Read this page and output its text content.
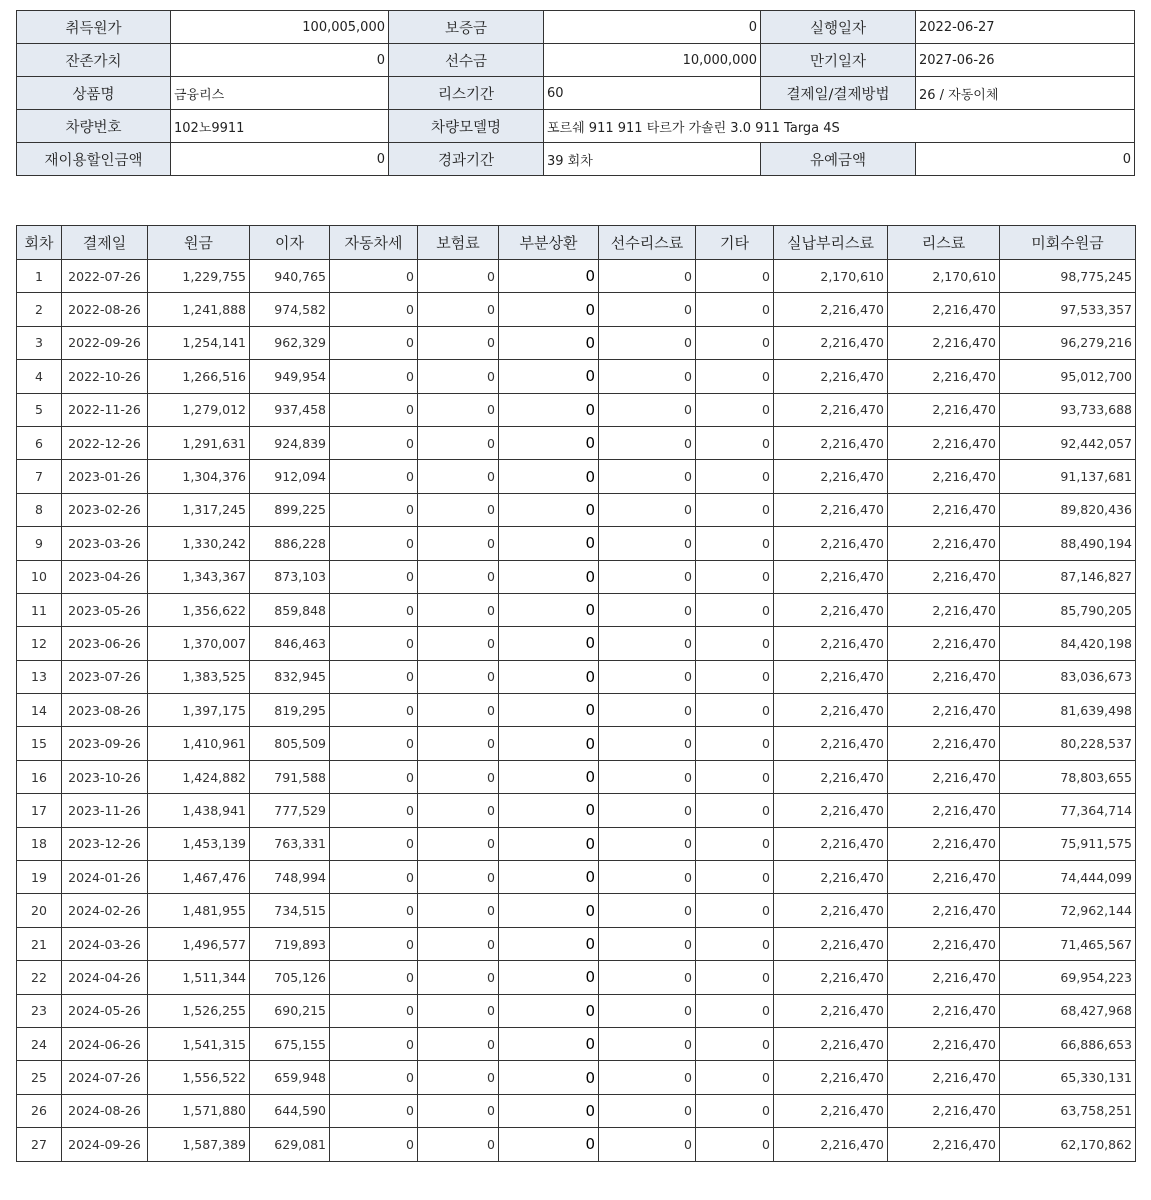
취득원가	100,005,000	보증금	0	실행일자	2022-06-27
잔존가치	0	선수금	10,000,000	만기일자	2027-06-26
상품명	금융리스	리스기간	60	결제일/결제방법	26 / 자동이체
차량번호	102노9911	차량모델명	포르쉐 911 911 타르가 가솔린 3.0 911 Targa 4S		
재이용할인금액	0	경과기간	39 회차	유예금액	0
회차	결제일	원금	이자	자동차세	보험료	부분상환	선수리스료	기타	실납부리스료	리스료	미회수원금
1	2022-07-26	1,229,755	940,765	0	0	0	0	0	2,170,610	2,170,610	98,775,245
2	2022-08-26	1,241,888	974,582	0	0	0	0	0	2,216,470	2,216,470	97,533,357
3	2022-09-26	1,254,141	962,329	0	0	0	0	0	2,216,470	2,216,470	96,279,216
4	2022-10-26	1,266,516	949,954	0	0	0	0	0	2,216,470	2,216,470	95,012,700
5	2022-11-26	1,279,012	937,458	0	0	0	0	0	2,216,470	2,216,470	93,733,688
6	2022-12-26	1,291,631	924,839	0	0	0	0	0	2,216,470	2,216,470	92,442,057
7	2023-01-26	1,304,376	912,094	0	0	0	0	0	2,216,470	2,216,470	91,137,681
8	2023-02-26	1,317,245	899,225	0	0	0	0	0	2,216,470	2,216,470	89,820,436
9	2023-03-26	1,330,242	886,228	0	0	0	0	0	2,216,470	2,216,470	88,490,194
10	2023-04-26	1,343,367	873,103	0	0	0	0	0	2,216,470	2,216,470	87,146,827
11	2023-05-26	1,356,622	859,848	0	0	0	0	0	2,216,470	2,216,470	85,790,205
12	2023-06-26	1,370,007	846,463	0	0	0	0	0	2,216,470	2,216,470	84,420,198
13	2023-07-26	1,383,525	832,945	0	0	0	0	0	2,216,470	2,216,470	83,036,673
14	2023-08-26	1,397,175	819,295	0	0	0	0	0	2,216,470	2,216,470	81,639,498
15	2023-09-26	1,410,961	805,509	0	0	0	0	0	2,216,470	2,216,470	80,228,537
16	2023-10-26	1,424,882	791,588	0	0	0	0	0	2,216,470	2,216,470	78,803,655
17	2023-11-26	1,438,941	777,529	0	0	0	0	0	2,216,470	2,216,470	77,364,714
18	2023-12-26	1,453,139	763,331	0	0	0	0	0	2,216,470	2,216,470	75,911,575
19	2024-01-26	1,467,476	748,994	0	0	0	0	0	2,216,470	2,216,470	74,444,099
20	2024-02-26	1,481,955	734,515	0	0	0	0	0	2,216,470	2,216,470	72,962,144
21	2024-03-26	1,496,577	719,893	0	0	0	0	0	2,216,470	2,216,470	71,465,567
22	2024-04-26	1,511,344	705,126	0	0	0	0	0	2,216,470	2,216,470	69,954,223
23	2024-05-26	1,526,255	690,215	0	0	0	0	0	2,216,470	2,216,470	68,427,968
24	2024-06-26	1,541,315	675,155	0	0	0	0	0	2,216,470	2,216,470	66,886,653
25	2024-07-26	1,556,522	659,948	0	0	0	0	0	2,216,470	2,216,470	65,330,131
26	2024-08-26	1,571,880	644,590	0	0	0	0	0	2,216,470	2,216,470	63,758,251
27	2024-09-26	1,587,389	629,081	0	0	0	0	0	2,216,470	2,216,470	62,170,862
